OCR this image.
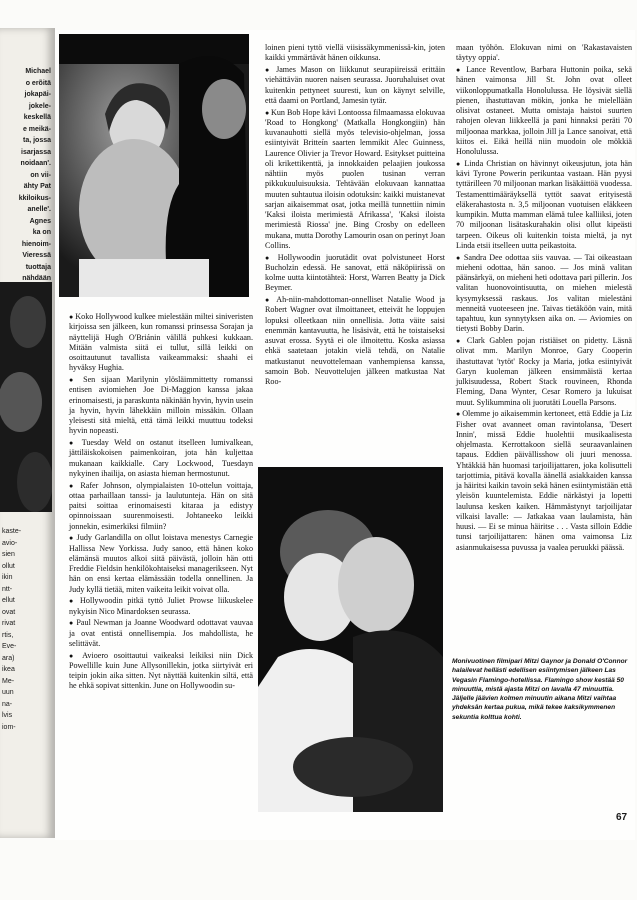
Michael
o erõitä
jokapäi-
jokele-
keskellä
e meikä-
ta, jossa
isarjassa
noidaan'.
on vii-
ähty Pat
kkiloikus-
anelle'.
Agnes
ka on
hienoim-
Vieressä
tuottaja
nähdään
kaste-
avio-
sien
ollut
ikin
ntt-
ellut
ovat
rivat
rtis,
Eve-
ara)
ikea
Me-
uun
na-
lvis
iom-

● Koko Hollywood kulkee mielestään miltei siniveristen kirjoissa sen jälkeen, kun romanssi prinsessa Sorajan ja näyttelijä Hugh O'Briánin välillä puhkesi kukkaan. Mitään valmista siitä ei tullut, sillä leikki on osoittautunut tavallista vaikeammaksi: shaahi ei hyväksy Hughia.

● Sen sijaan Marilynin ylösläimmittetty romanssi entisen aviomiehen Joe Di-Maggion kanssa jakaa erinomaisesti, ja paraskunta näkinään hyvin, hyvin usein ja hyvin, hyvin lähekkäin milloin missäkin. Ollaan yleisesti sitä mieltä, että tämä leikki muuttuu todeksi hyvin nopeasti.

● Tuesday Weld on ostanut itselleen lumivalkean, jättiläiskokoisen paimenkoiran, jota hän kuljettaa mukanaan kaikkialle. Cary Lockwood, Tuesdayn nykyinen ihailija, on asiasta hieman hermostunut.

● Rafer Johnson, olympialaisten 10-ottelun voittaja, ottaa parhaillaan tanssi- ja laulutunteja. Hän on sitä paitsi soittaa erinomaisesti kitaraa ja edistyy opinnoissaan suurenmoisesti. Johtaneeko leikki jonnekin, esimerkiksi filmiin?

● Judy Garlandilla on ollut loistava menestys Carnegie Hallissa New Yorkissa. Judy sanoo, että hänen koko elämänsä muutos alkoi siitä päivästä, jolloin hän otti Freddie Fieldsin henkilökohtaiseksi managerikseen. Nyt hän on ensi kertaa elämässään todella onnellinen. Ja Judy kyllä tietää, miten vaikeita leikit voivat olla.

● Hollywoodin pitkä tyttö Juliet Prowse liikuskelee nykyisin Nico Minardoksen seurassa.

● Paul Newman ja Joanne Woodward odottavat vauvaa ja ovat entistä onnellisempia. Jos mahdollista, he selittävät.

● Avioero osoittautui vaikeaksi leikiksi niin Dick Powellille kuin June Allysonillekin, jotka siirtyivät eri teipin jokin aika sitten. Nyt näyttää kuitenkin siltä, että he ehkä sopivat sittenkin. June on Hollywoodin su-

loinen pieni tyttö viellä viisissäkymmenissä-kin, joten kaikki ymmärtävät hänen oikkunsa.

● James Mason on liikkunut seurapiireissä erittäin viehättävän nuoren naisen seurassa. Juoruhaluiset ovat kuitenkin pettyneet suuresti, kun on käynyt selville, että daami on Portland, Jamesin tytär.

● Kun Bob Hope kävi Lontoossa filmaamassa elokuvaa 'Road to Hongkong' (Matkalla Hongkongiin) hän kuvanauhotti siellä myös televisio-ohjelman, jossa esiintyivät Britteín saarten lemmikit Alec Guinness, Laurence Olivier ja Trevor Howard. Esitykset puitteina oli krikettikenttä, ja innokkaiden pelaajien joukossa nähtiin myös puolen tusinan verran pikkukuuluisuuksia. Tehtävään elokuvaan kannattaa muuten suhtautua iloisin odotuksin: kaikki muistanevat sarjan aikaisemmat osat, jotka meillä tunnettiin nimin 'Kaksi iloista merimiestä Afrikassa', 'Kaksi iloista merimiestä Riossa' jne. Bing Crosby on edelleen mukana, mutta Dorothy Lamourin osan on perinyt Joan Collins.

● Hollywoodin juorutädit ovat polvistuneet Horst Bucholzin edessä. He sanovat, että näköpiirissä on kolme uutta kiintotähteä: Horst, Warren Beatty ja Dick Beymer.

● Ah-niin-mahdottoman-onnelliset Natalie Wood ja Robert Wagner ovat ilmoittaneet, etteivät he loppujen lopuksi olleetkaan niin onnellisia. Jotta väite saisi enemmän kantavuutta, he lisäsivät, että he toistaiseksi asuvat erossa. Syytä ei ole ilmoitettu. Koska asiassa ehkä saatetaan jotakin vielä tehdä, on Natalie matkustanut neuvottelemaan vanhempiensa kanssa, samoin Bob. Neuvottelujen jälkeen matkustaa Nat Roo-

maan työhön. Elokuvan nimi on 'Rakastavaisten täytyy oppia'.

● Lance Reventlow, Barbara Huttonin poika, sekä hänen vaimonsa Jill St. John ovat olleet viikonloppumatkalla Honolulussa. He löysivät siellä pienen, ihastuttavan mökin, jonka he mielellään olisivat ostaneet. Mutta omistaja haistoi suurten rahojen olevan liikkeellä ja pani hinnaksi peräti 70 miljoonaa markkaa, jolloin Jill ja Lance sanoivat, että kiitos ei. Eikä heillä niin muodoin ole mökkiä Honolulussa.

● Linda Christian on hävinnyt oikeusjutun, jota hän kävi Tyrone Powerin perikuntaa vastaan. Hän pyysi tyttärilleen 70 miljoonan markan lisäkäittöä vuodessa. Testamenttimääräyksellä tyttöt saavat erityisestä eläkerahastosta n. 3,5 miljoonan vuotuisen eläkkeen kumpikin. Mutta mamman elämä tulee kalliiksi, joten 70 miljoonan lisätaskurahakin olisi ollut kipeästi tarpeen. Oikeus oli kuitenkin toista mieltä, ja nyt Linda etsii itselleen uutta peikastoita.

● Sandra Dee odottaa siis vauvaa. — Tai oikeastaan mieheni odottaa, hän sanoo. — Jos minä valitan päänsärkyä, on mieheni heti odottava pari pillerin. Jos valitan huonovointisuutta, on miehen mielestä kysymyksessä raskaus. Jos valitan mielestäni menneitä vuoteeseen jne. Taivas tietäköön vain, mitä tapahtuu, kun synnytyksen aika on. — Aviomies on tietysti Bobby Darin.

● Clark Gablen pojan ristiäiset on pidetty. Läsnä olivat mm. Marilyn Monroe, Gary Cooperin ihastuttavat 'tytöt' Rocky ja Maria, jotka esiintyivät Garyn kuoleman jälkeen ensimmäistä kertaa julkisuudessa, Robert Stack rouvineen, Rhonda Fleming, Dana Wynter, Cesar Romero ja lukuisat muut. Sylikummina oli juorutäti Louella Parsons.

● Olemme jo aikaisemmin kertoneet, että Eddie ja Liz Fisher ovat avanneet oman ravintolansa, 'Desert Innin', missä Eddie huolehtii musikaalisesta ohjelmasta. Kerrottakoon siellä seuraavanlainen tapaus. Eddien päivällisshow oli juuri menossa. Yhtäkkiä hän huomasi tarjoilijattaren, joka kolisutteli tarjottimia, pitävä kovalla äänellä asiakkaiden kanssa ja häiritsi kaikin tavoin sekä hänen esiintymistään että yleisön kuuntelemista. Eddie närkästyi ja lopetti laulunsa kesken kaiken. Hämmästynyt tarjoilijatar vilkaisi lavalle: — Jatkakaa vaan laulamista, hän huusi. — Ei se minua häiritse . . . Vasta silloin Eddie tunsi tarjoilijattaren: hänen oma vaimonsa Liz asianmukaisessa puvussa ja vaalea peruukki päässä.

Monivuotinen filmipari Mitzi Gaynor ja Donald O'Connor halailevat hellästi edellisen esiintymisen jälkeen Las Vegasin Flamingo-hotellissa. Flamingo show kestää 50 minuuttia, mistä ajasta Mitzi on lavalla 47 minuuttia. Jäljelle jäävien kolmen minuutin aikana Mitzi vaihtaa yhdeksän kertaa pukua, mikä tekee kaksikymmenen sekuntia kolttua kohti.
67
